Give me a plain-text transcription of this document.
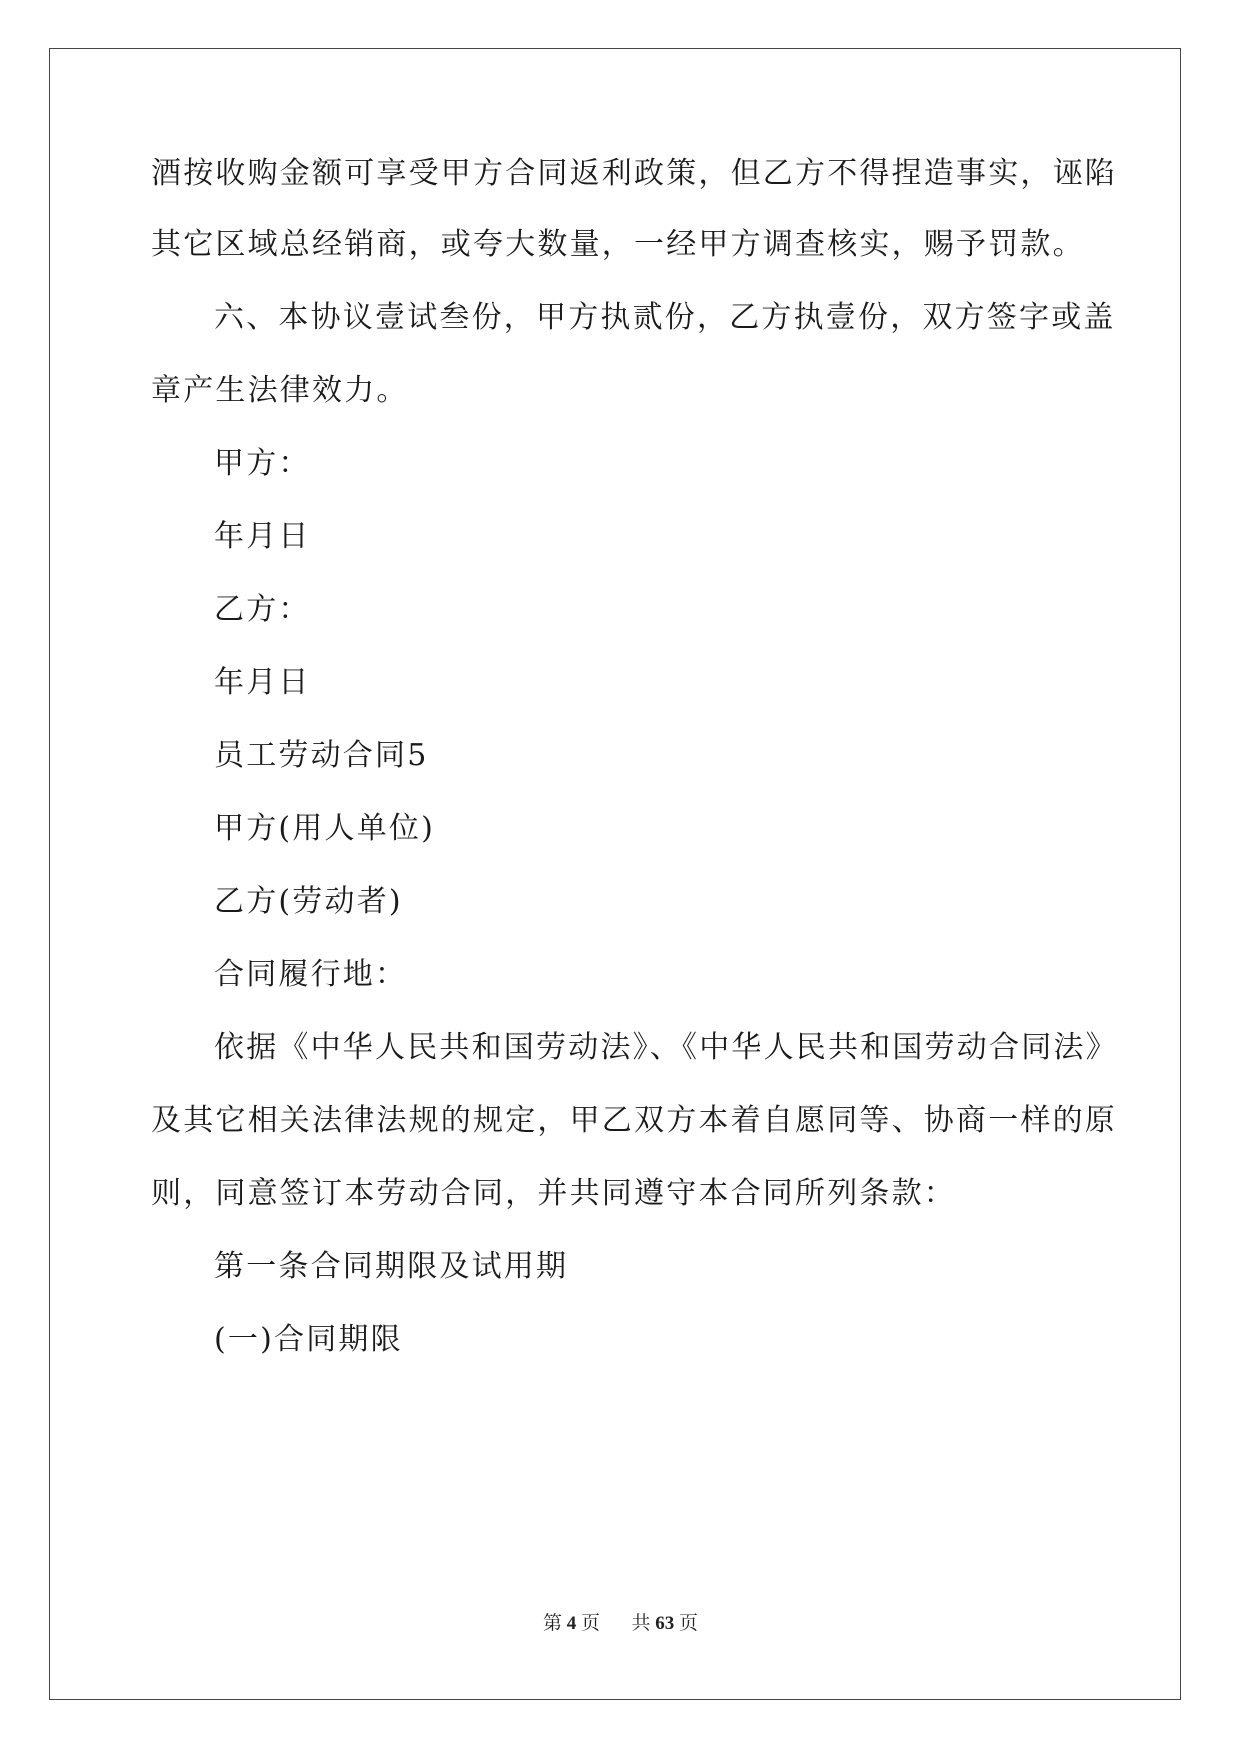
酒按收购金额可享受甲方合同返利政策，但乙方不得捏造事实，诬陷
其它区域总经销商，或夸大数量，一经甲方调查核实，赐予罚款。
六、本协议壹试叁份，甲方执贰份，乙方执壹份，双方签字或盖
章产生法律效力。
甲方：
年月日
乙方：
年月日
员工劳动合同5
甲方(用人单位)
乙方(劳动者)
合同履行地：
依据《中华人民共和国劳动法》、《中华人民共和国劳动合同法》
及其它相关法律法规的规定，甲乙双方本着自愿同等、协商一样的原
则，同意签订本劳动合同，并共同遵守本合同所列条款：
第一条合同期限及试用期
(一)合同期限
第 4 页 共 63 页
